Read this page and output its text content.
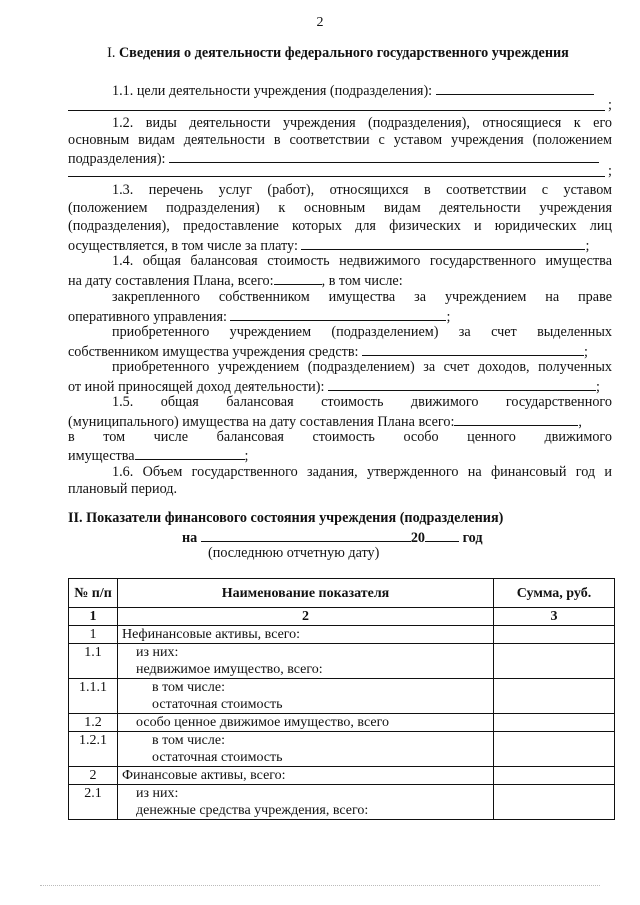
2
I. Сведения о деятельности федерального государственного учреждения
1.1. цели деятельности учреждения (подразделения):
;
1.2. виды деятельности учреждения (подразделения), относящиеся к его
основным видам деятельности в соответствии с уставом учреждения (положением
подразделения):
;
1.3. перечень услуг (работ), относящихся в соответствии с уставом
(положением подразделения) к основным видам деятельности учреждения
(подразделения), предоставление которых для физических и юридических лиц
осуществляется, в том числе за плату:	;
1.4. общая балансовая стоимость недвижимого государственного имущества
на дату составления Плана, всего:	, в том числе:
закрепленного собственником имущества за учреждением на праве
оперативного управления:	;
приобретенного учреждением (подразделением) за счет выделенных
собственником имущества учреждения средств:	;
приобретенного учреждением (подразделением) за счет доходов, полученных
от иной приносящей доход деятельности):	;
1.5. общая балансовая стоимость движимого государственного
(муниципального) имущества на дату составления Плана всего:	,
в том числе балансовая стоимость особо ценного движимого
имущества	;
1.6. Объем государственного задания, утвержденного на финансовый год и
плановый период.
II. Показатели финансового состояния учреждения (подразделения)
на	20	год
(последнюю отчетную дату)
№ п/п	Наименование показателя	Сумма, руб.
1	2	3
1	Нефинансовые активы, всего:	
1.1	из них:
недвижимое имущество, всего:	

1.1.1	в том числе:
остаточная стоимость	

1.2	особо ценное движимое имущество, всего	
1.2.1	в том числе:
остаточная стоимость	

2	Финансовые активы, всего:	
2.1	из них:
денежные средства учреждения, всего:	
